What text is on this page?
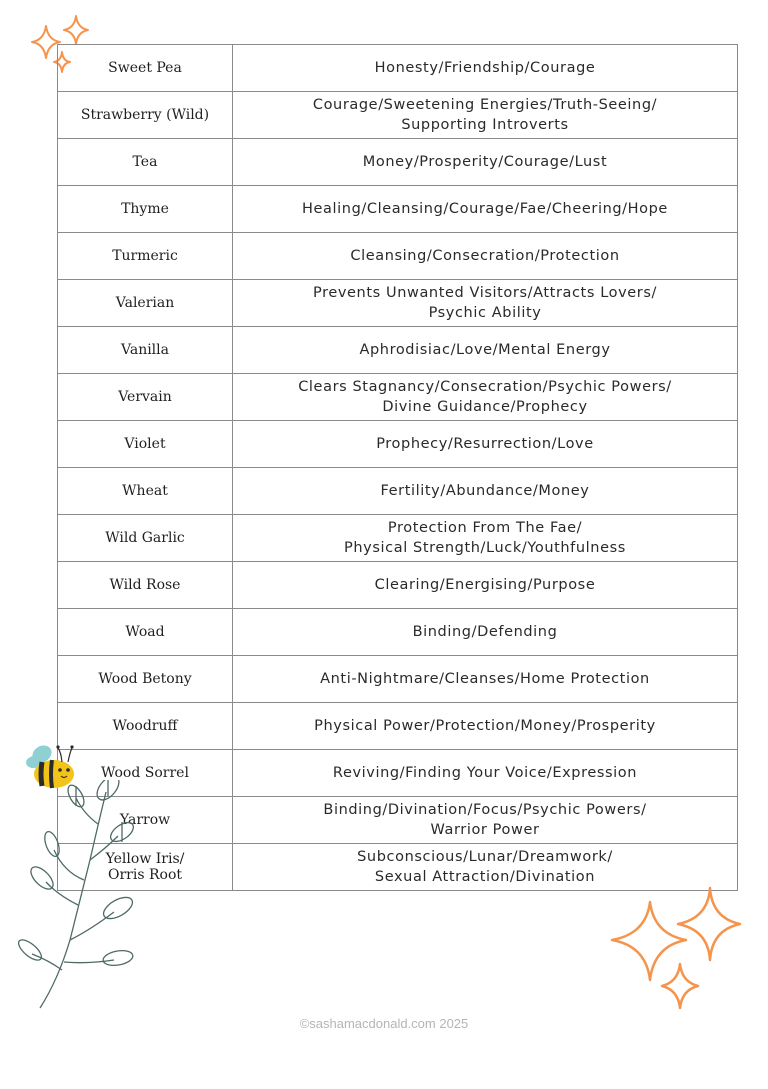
Sweet Pea	Honesty/Friendship/Courage

Strawberry (Wild)	Courage/Sweetening Energies/Truth-Seeing/
Supporting Introverts

Tea	Money/Prosperity/Courage/Lust

Thyme	Healing/Cleansing/Courage/Fae/Cheering/Hope

Turmeric	Cleansing/Consecration/Protection

Valerian	Prevents Unwanted Visitors/Attracts Lovers/
Psychic Ability

Vanilla	Aphrodisiac/Love/Mental Energy

Vervain	Clears Stagnancy/Consecration/Psychic Powers/
Divine Guidance/Prophecy

Violet	Prophecy/Resurrection/Love

Wheat	Fertility/Abundance/Money

Wild Garlic	Protection From The Fae/
Physical Strength/Luck/Youthfulness

Wild Rose	Clearing/Energising/Purpose

Woad	Binding/Defending

Wood Betony	Anti-Nightmare/Cleanses/Home Protection

Woodruff	Physical Power/Protection/Money/Prosperity

Wood Sorrel	Reviving/Finding Your Voice/Expression

Yarrow	Binding/Divination/Focus/Psychic Powers/
Warrior Power

Yellow Iris/
Orris Root	Subconscious/Lunar/Dreamwork/
Sexual Attraction/Divination
©sashamacdonald.com 2025
